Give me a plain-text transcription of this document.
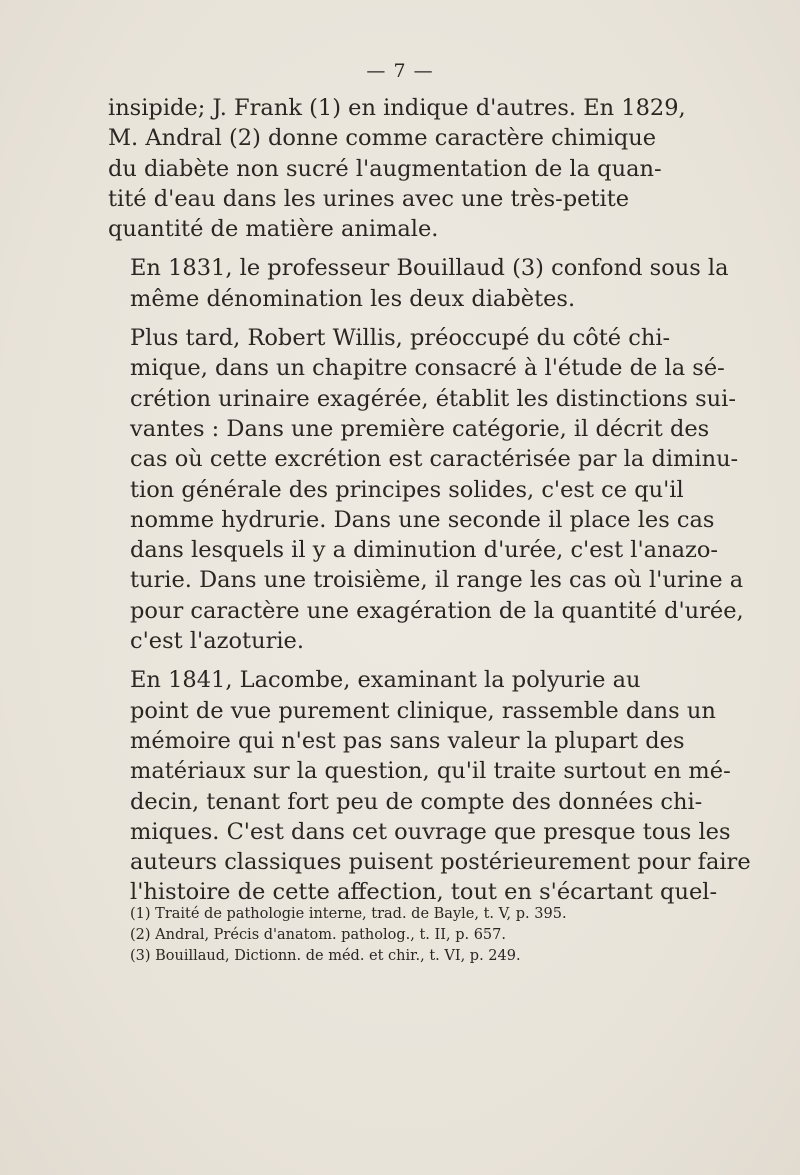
— 7 —

insipide; J. Frank (1) en indique d'autres. En 1829,
M. Andral (2) donne comme caractère chimique
du diabète non sucré l'augmentation de la quan-
tité d'eau dans les urines avec une très-petite
quantité de matière animale.

En 1831, le professeur Bouillaud (3) confond sous la
même dénomination les deux diabètes.

Plus tard, Robert Willis, préoccupé du côté chi-
mique, dans un chapitre consacré à l'étude de la sé-
crétion urinaire exagérée, établit les distinctions sui-
vantes : Dans une première catégorie, il décrit des
cas où cette excrétion est caractérisée par la diminu-
tion générale des principes solides, c'est ce qu'il
nomme hydrurie. Dans une seconde il place les cas
dans lesquels il y a diminution d'urée, c'est l'anazo-
turie. Dans une troisième, il range les cas où l'urine a
pour caractère une exagération de la quantité d'urée,
c'est l'azoturie.

En 1841, Lacombe, examinant la polyurie au
point de vue purement clinique, rassemble dans un
mémoire qui n'est pas sans valeur la plupart des
matériaux sur la question, qu'il traite surtout en mé-
decin, tenant fort peu de compte des données chi-
miques. C'est dans cet ouvrage que presque tous les
auteurs classiques puisent postérieurement pour faire
l'histoire de cette affection, tout en s'écartant quel-

(1) Traité de pathologie interne, trad. de Bayle, t. V, p. 395.
(2) Andral, Précis d'anatom. patholog., t. II, p. 657.
(3) Bouillaud, Dictionn. de méd. et chir., t. VI, p. 249.
